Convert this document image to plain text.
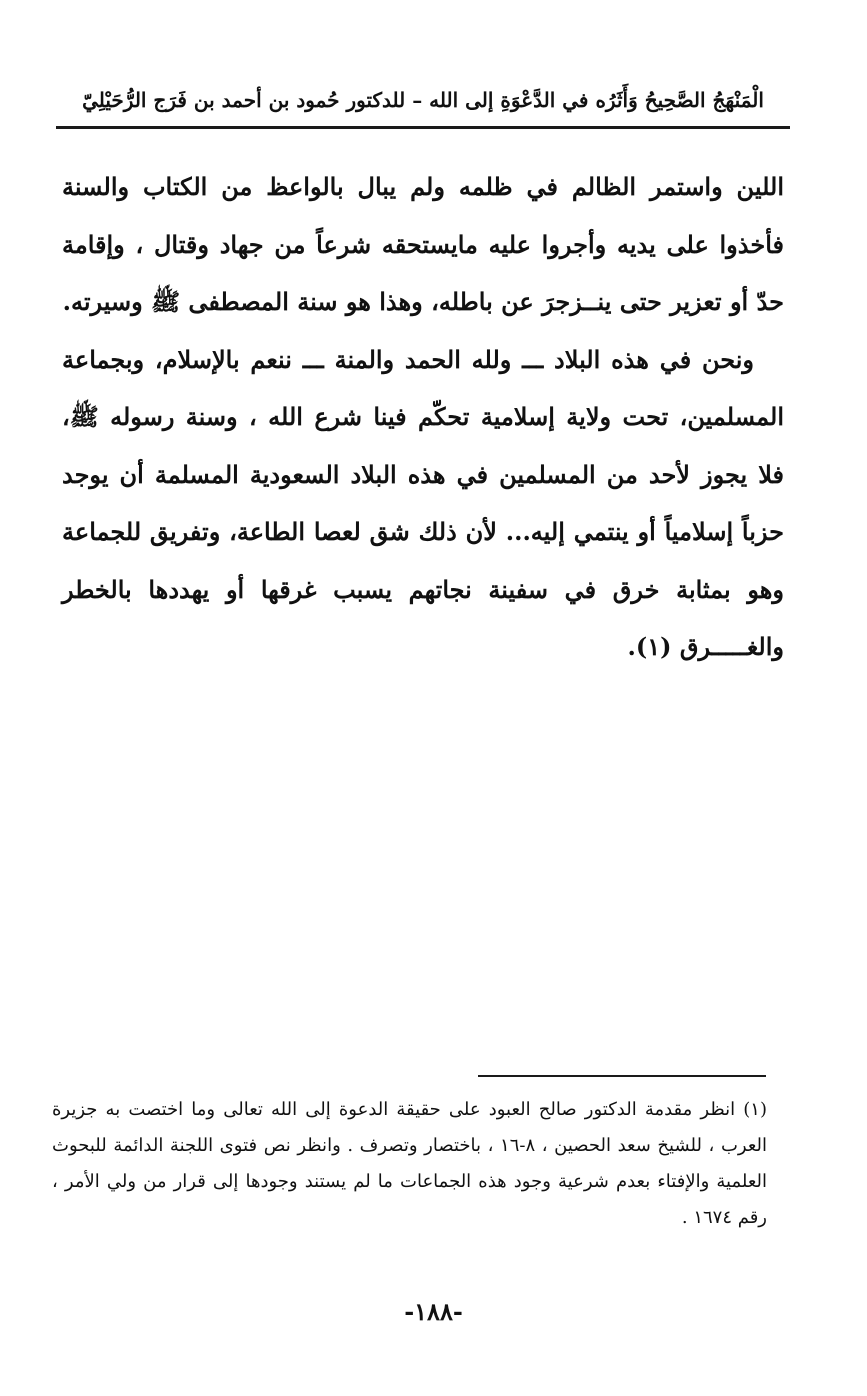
الْمَنْهَجُ الصَّحِيحُ وَأَثَرُه في الدَّعْوَةِ إلى الله – للدكتور حُمود بن أحمد بن فَرَج الرُّحَيْلِيّ

اللين واستمر الظالم في ظلمه ولم يبال بالواعظ من الكتاب والسنة فأخذوا على يديه وأجروا عليه مايستحقه شرعاً من جهاد وقتال ، وإقامة حدّ أو تعزير حتى ينــزجرَ عن باطله، وهذا هو سنة المصطفى ﷺ وسيرته.

ونحن في هذه البلاد ـــ ولله الحمد والمنة ـــ ننعم بالإسلام، وبجماعة المسلمين، تحت ولاية إسلامية تحكّم فينا شرع الله ، وسنة رسوله ﷺ، فلا يجوز لأحد من المسلمين في هذه البلاد السعودية المسلمة أن يوجد حزباً إسلامياً أو ينتمي إليه... لأن ذلك شق لعصا الطاعة، وتفريق للجماعة وهو بمثابة خرق في سفينة نجاتهم يسبب غرقها أو يهددها بالخطر والغـــــرق (١).

(١) انظر مقدمة الدكتور صالح العبود على حقيقة الدعوة إلى الله تعالى وما اختصت به جزيرة العرب ، للشيخ سعد الحصين ، ٨-١٦ ، باختصار وتصرف . وانظر نص فتوى اللجنة الدائمة للبحوث العلمية والإفتاء بعدم شرعية وجود هذه الجماعات ما لم يستند وجودها إلى قرار من ولي الأمر ، رقم ١٦٧٤ .

-١٨٨-
